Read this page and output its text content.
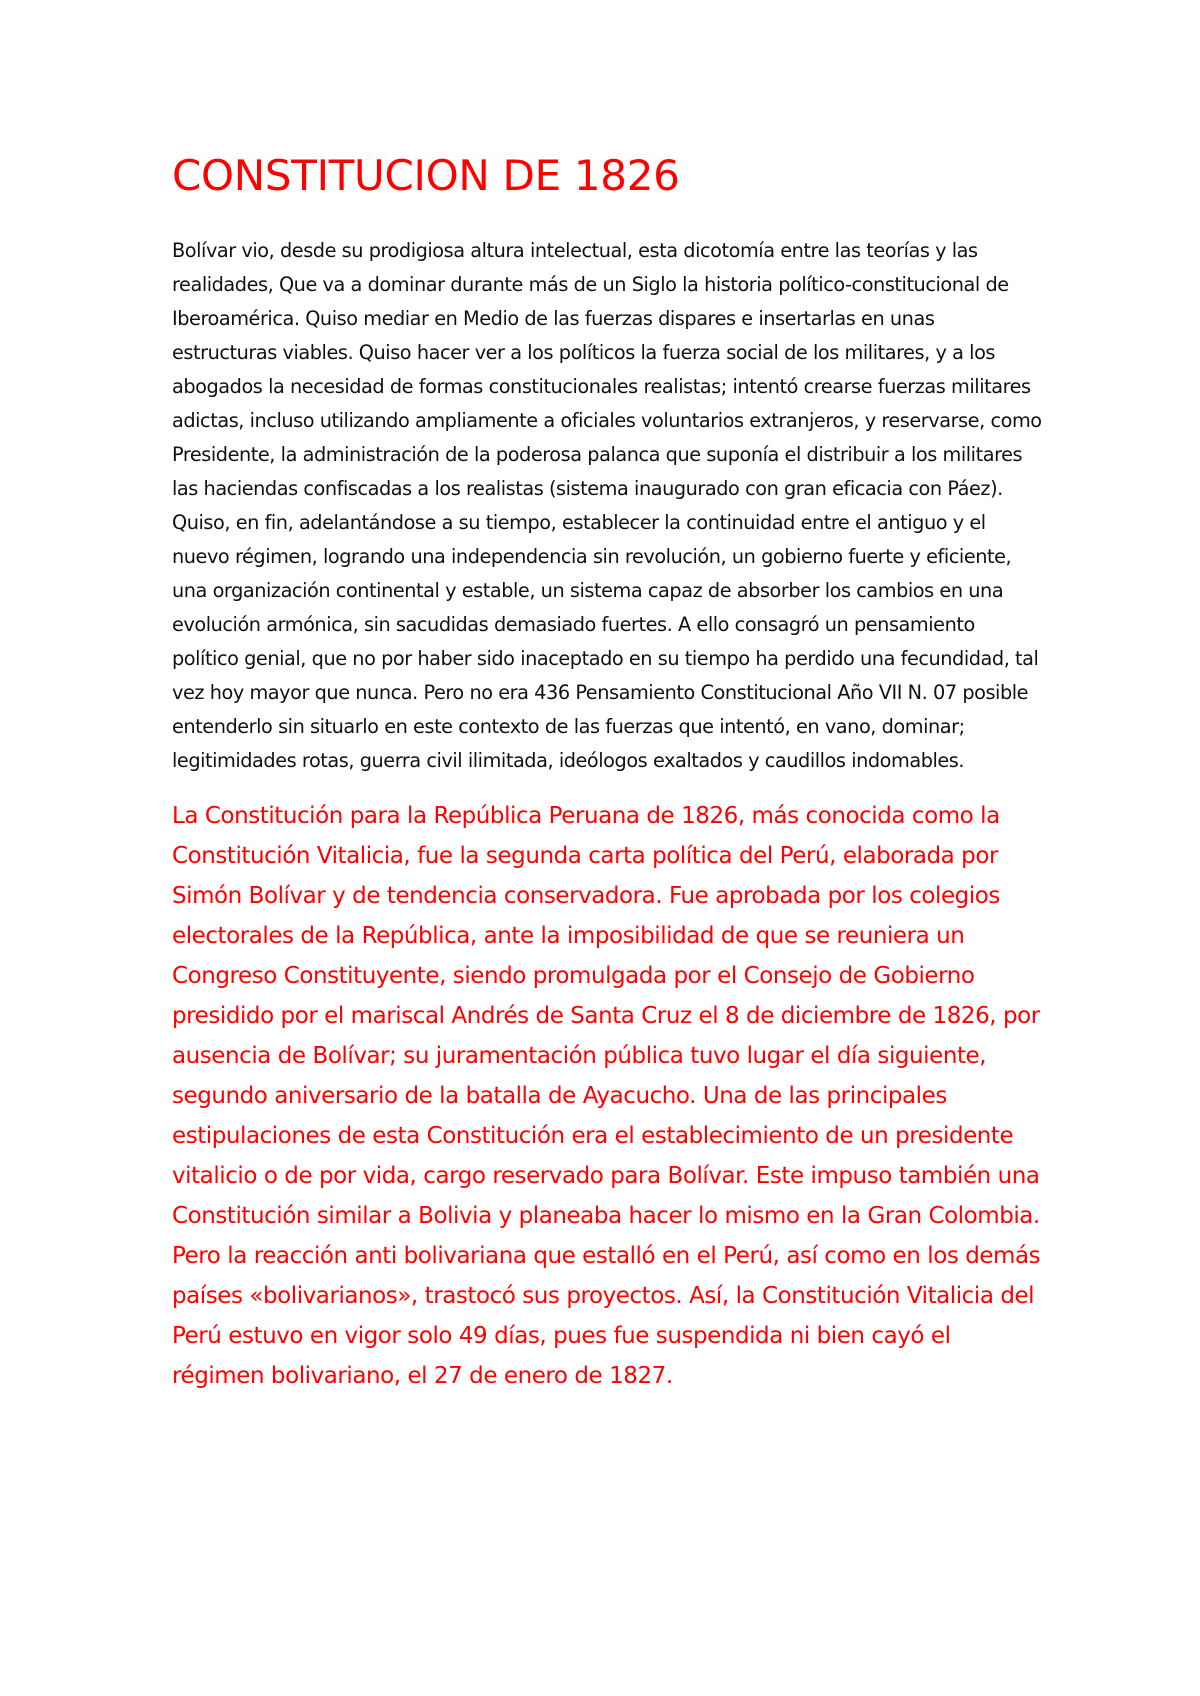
CONSTITUCION DE 1826

Bolívar vio, desde su prodigiosa altura intelectual, esta dicotomía entre las teorías y las realidades, Que va a dominar durante más de un Siglo la historia político-constitucional de Iberoamérica. Quiso mediar en Medio de las fuerzas dispares e insertarlas en unas estructuras viables. Quiso hacer ver a los políticos la fuerza social de los militares, y a los abogados la necesidad de formas constitucionales realistas; intentó crearse fuerzas militares adictas, incluso utilizando ampliamente a oficiales voluntarios extranjeros, y reservarse, como Presidente, la administración de la poderosa palanca que suponía el distribuir a los militares las haciendas confiscadas a los realistas (sistema inaugurado con gran eficacia con Páez). Quiso, en fin, adelantándose a su tiempo, establecer la continuidad entre el antiguo y el nuevo régimen, logrando una independencia sin revolución, un gobierno fuerte y eficiente, una organización continental y estable, un sistema capaz de absorber los cambios en una evolución armónica, sin sacudidas demasiado fuertes. A ello consagró un pensamiento político genial, que no por haber sido inaceptado en su tiempo ha perdido una fecundidad, tal vez hoy mayor que nunca. Pero no era 436 Pensamiento Constitucional Año VII N. 07 posible entenderlo sin situarlo en este contexto de las fuerzas que intentó, en vano, dominar; legitimidades rotas, guerra civil ilimitada, ideólogos exaltados y caudillos indomables.

La Constitución para la República Peruana de 1826, más conocida como la Constitución Vitalicia, fue la segunda carta política del Perú, elaborada por Simón Bolívar y de tendencia conservadora. Fue aprobada por los colegios electorales de la República, ante la imposibilidad de que se reuniera un Congreso Constituyente, siendo promulgada por el Consejo de Gobierno presidido por el mariscal Andrés de Santa Cruz el 8 de diciembre de 1826, por ausencia de Bolívar; su juramentación pública tuvo lugar el día siguiente, segundo aniversario de la batalla de Ayacucho. Una de las principales estipulaciones de esta Constitución era el establecimiento de un presidente vitalicio o de por vida, cargo reservado para Bolívar. Este impuso también una Constitución similar a Bolivia y planeaba hacer lo mismo en la Gran Colombia. Pero la reacción anti bolivariana que estalló en el Perú, así como en los demás países «bolivarianos», trastocó sus proyectos. Así, la Constitución Vitalicia del Perú estuvo en vigor solo 49 días, pues fue suspendida ni bien cayó el régimen bolivariano, el 27 de enero de 1827.
